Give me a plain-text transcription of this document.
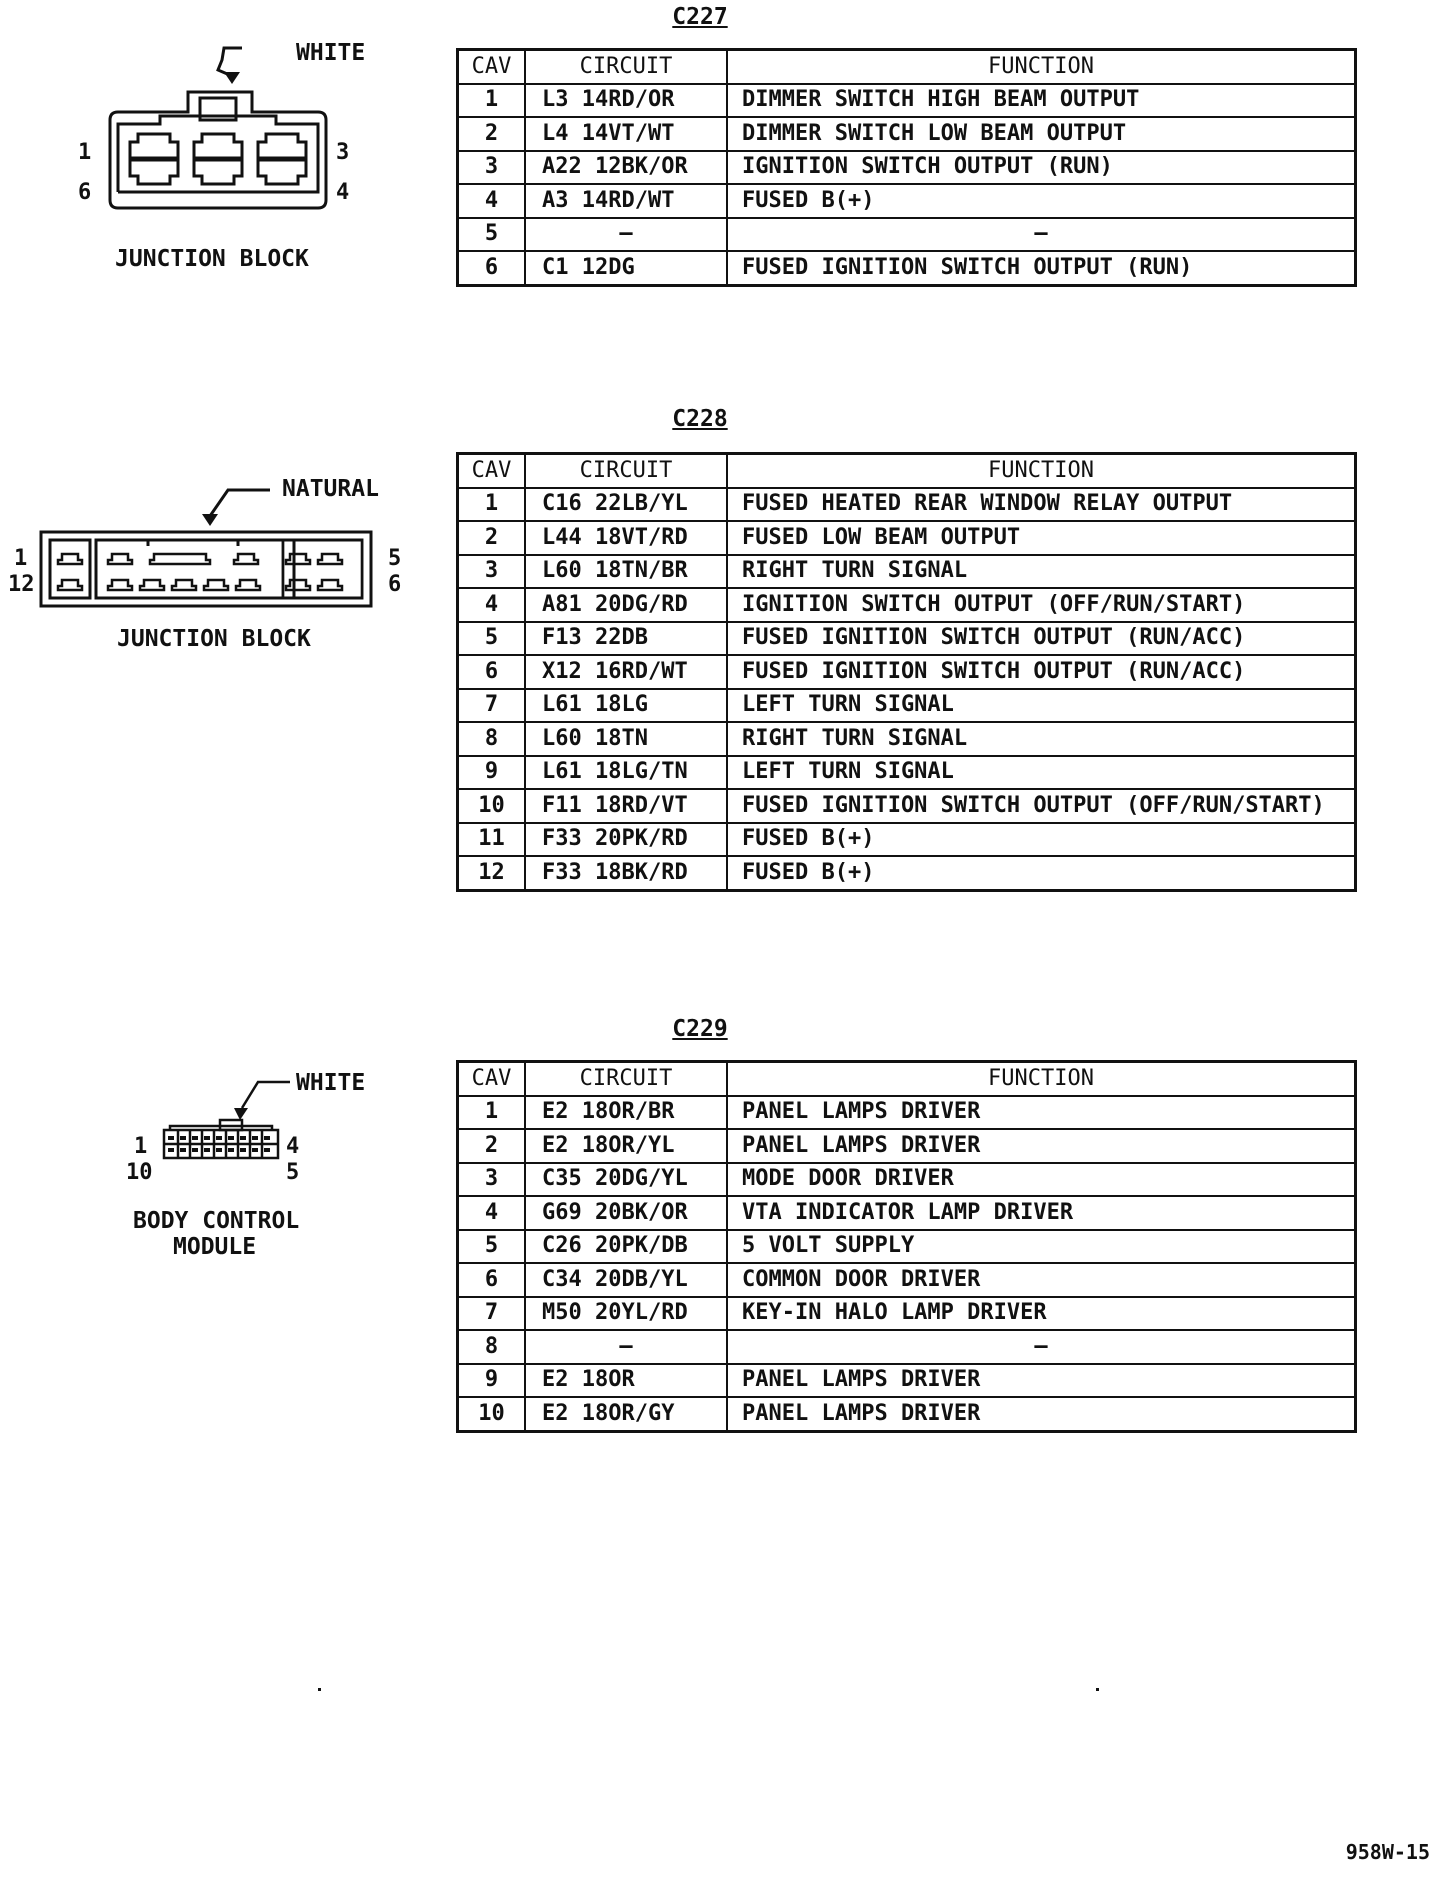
C227
WHITE
1	3
6	4
JUNCTION BLOCK
CAV	CIRCUIT	FUNCTION
1	L3 14RD/OR	DIMMER SWITCH HIGH BEAM OUTPUT
2	L4 14VT/WT	DIMMER SWITCH LOW BEAM OUTPUT
3	A22 12BK/OR	IGNITION SWITCH OUTPUT (RUN)
4	A3 14RD/WT	FUSED B(+)
5	–	–
6	C1 12DG	FUSED IGNITION SWITCH OUTPUT (RUN)
C228
NATURAL
1
12
5
6
JUNCTION BLOCK
CAV	CIRCUIT	FUNCTION
1	C16 22LB/YL	FUSED HEATED REAR WINDOW RELAY OUTPUT
2	L44 18VT/RD	FUSED LOW BEAM OUTPUT
3	L60 18TN/BR	RIGHT TURN SIGNAL
4	A81 20DG/RD	IGNITION SWITCH OUTPUT (OFF/RUN/START)
5	F13 22DB	FUSED IGNITION SWITCH OUTPUT (RUN/ACC)
6	X12 16RD/WT	FUSED IGNITION SWITCH OUTPUT (RUN/ACC)
7	L61 18LG	LEFT TURN SIGNAL
8	L60 18TN	RIGHT TURN SIGNAL
9	L61 18LG/TN	LEFT TURN SIGNAL
10	F11 18RD/VT	FUSED IGNITION SWITCH OUTPUT (OFF/RUN/START)
11	F33 20PK/RD	FUSED B(+)
12	F33 18BK/RD	FUSED B(+)
C229
WHITE
1
10
4
5
BODY CONTROL
MODULE
CAV	CIRCUIT	FUNCTION
1	E2 18OR/BR	PANEL LAMPS DRIVER
2	E2 18OR/YL	PANEL LAMPS DRIVER
3	C35 20DG/YL	MODE DOOR DRIVER
4	G69 20BK/OR	VTA INDICATOR LAMP DRIVER
5	C26 20PK/DB	5 VOLT SUPPLY
6	C34 20DB/YL	COMMON DOOR DRIVER
7	M50 20YL/RD	KEY-IN HALO LAMP DRIVER
8	–	–
9	E2 18OR	PANEL LAMPS DRIVER
10	E2 18OR/GY	PANEL LAMPS DRIVER
958W-15
